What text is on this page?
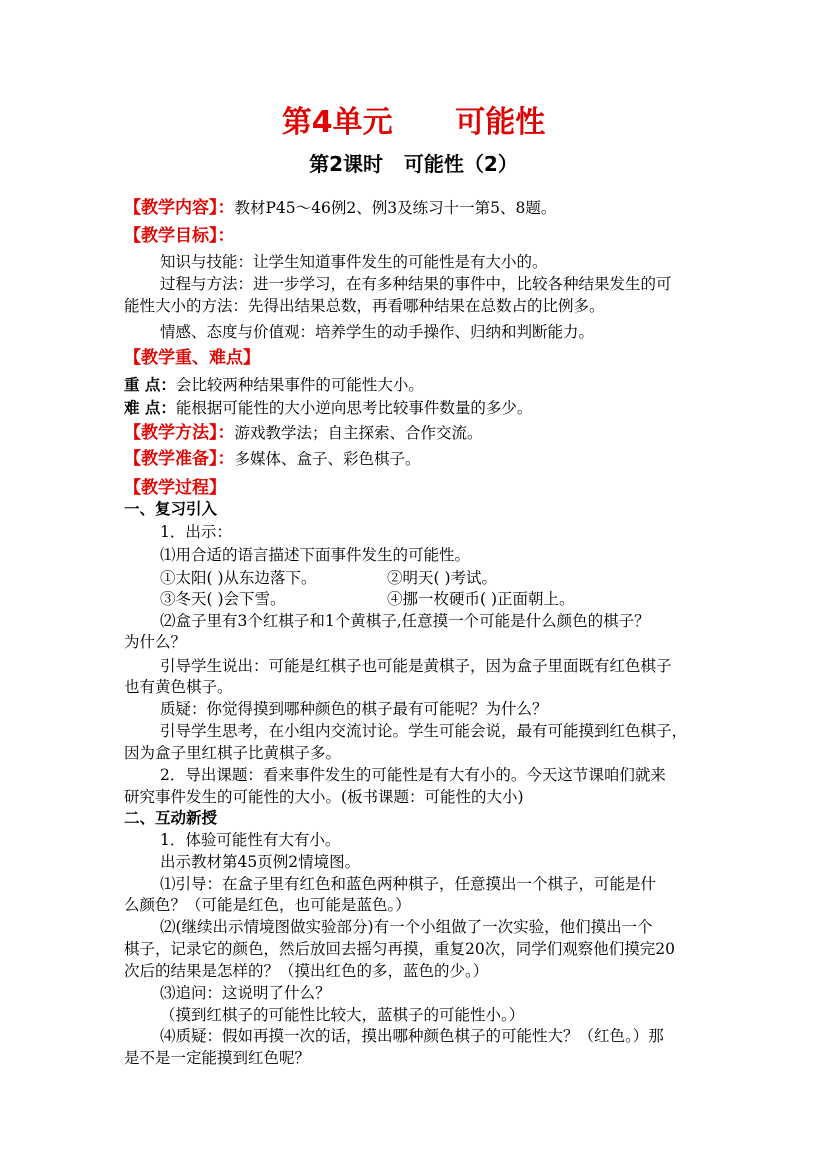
第4单元      可能性
第2课时   可能性（2）
【教学内容】：教材P45～46例2、例3及练习十一第5、8题。
【教学目标】：
知识与技能：让学生知道事件发生的可能性是有大小的。
过程与方法：进一步学习，在有多种结果的事件中，比较各种结果发生的可
能性大小的方法：先得出结果总数，再看哪种结果在总数占的比例多。
情感、态度与价值观：培养学生的动手操作、归纳和判断能力。
【教学重、难点】
重 点：会比较两种结果事件的可能性大小。
难 点：能根据可能性的大小逆向思考比较事件数量的多少。
【教学方法】：游戏教学法；自主探索、合作交流。
【教学准备】：多媒体、盒子、彩色棋子。
【教学过程】
一、复习引入
1．出示：
⑴用合适的语言描述下面事件发生的可能性。
①太阳( )从东边落下。	②明天( )考试。
③冬天( )会下雪。	④挪一枚硬币( )正面朝上。
⑵盒子里有3个红棋子和1个黄棋子,任意摸一个可能是什么颜色的棋子？
为什么？
引导学生说出：可能是红棋子也可能是黄棋子，因为盒子里面既有红色棋子
也有黄色棋子。
质疑：你觉得摸到哪种颜色的棋子最有可能呢？为什么？
引导学生思考，在小组内交流讨论。学生可能会说，最有可能摸到红色棋子，
因为盒子里红棋子比黄棋子多。
2．导出课题：看来事件发生的可能性是有大有小的。今天这节课咱们就来
研究事件发生的可能性的大小。(板书课题：可能性的大小)
二、互动新授
1．体验可能性有大有小。
出示教材第45页例2情境图。
⑴引导：在盒子里有红色和蓝色两种棋子，任意摸出一个棋子，可能是什
么颜色？（可能是红色，也可能是蓝色。）
⑵(继续出示情境图做实验部分)有一个小组做了一次实验，他们摸出一个
棋子，记录它的颜色，然后放回去摇匀再摸，重复20次，同学们观察他们摸完20
次后的结果是怎样的？（摸出红色的多，蓝色的少。）
⑶追问：这说明了什么？
（摸到红棋子的可能性比较大，蓝棋子的可能性小。）
⑷质疑：假如再摸一次的话，摸出哪种颜色棋子的可能性大？（红色。）那
是不是一定能摸到红色呢？
